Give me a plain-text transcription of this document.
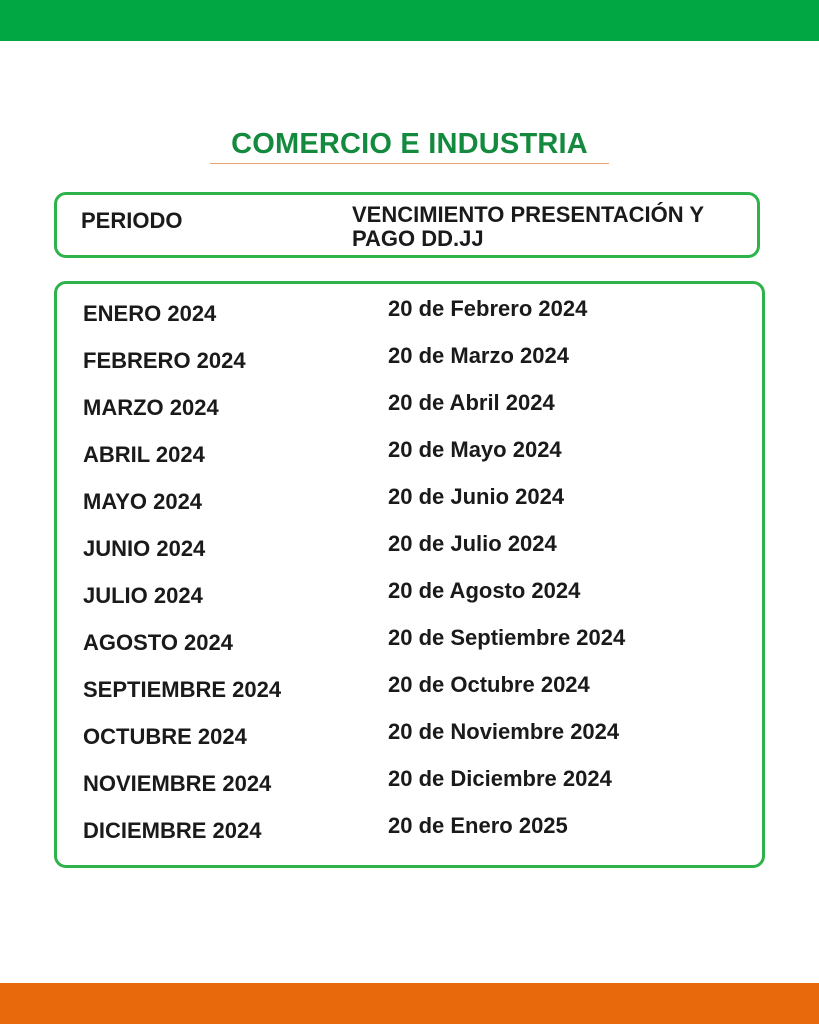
COMERCIO E INDUSTRIA
PERIODO	VENCIMIENTO PRESENTACIÓN Y PAGO DD.JJ
ENERO 2024	20 de Febrero 2024
FEBRERO 2024	20 de Marzo 2024
MARZO 2024	20 de Abril 2024
ABRIL 2024	20 de Mayo 2024
MAYO 2024	20 de Junio 2024
JUNIO 2024	20 de Julio 2024
JULIO 2024	20 de Agosto 2024
AGOSTO 2024	20 de Septiembre 2024
SEPTIEMBRE 2024	20 de Octubre 2024
OCTUBRE 2024	20 de Noviembre 2024
NOVIEMBRE 2024	20 de Diciembre 2024
DICIEMBRE 2024	20 de Enero 2025
